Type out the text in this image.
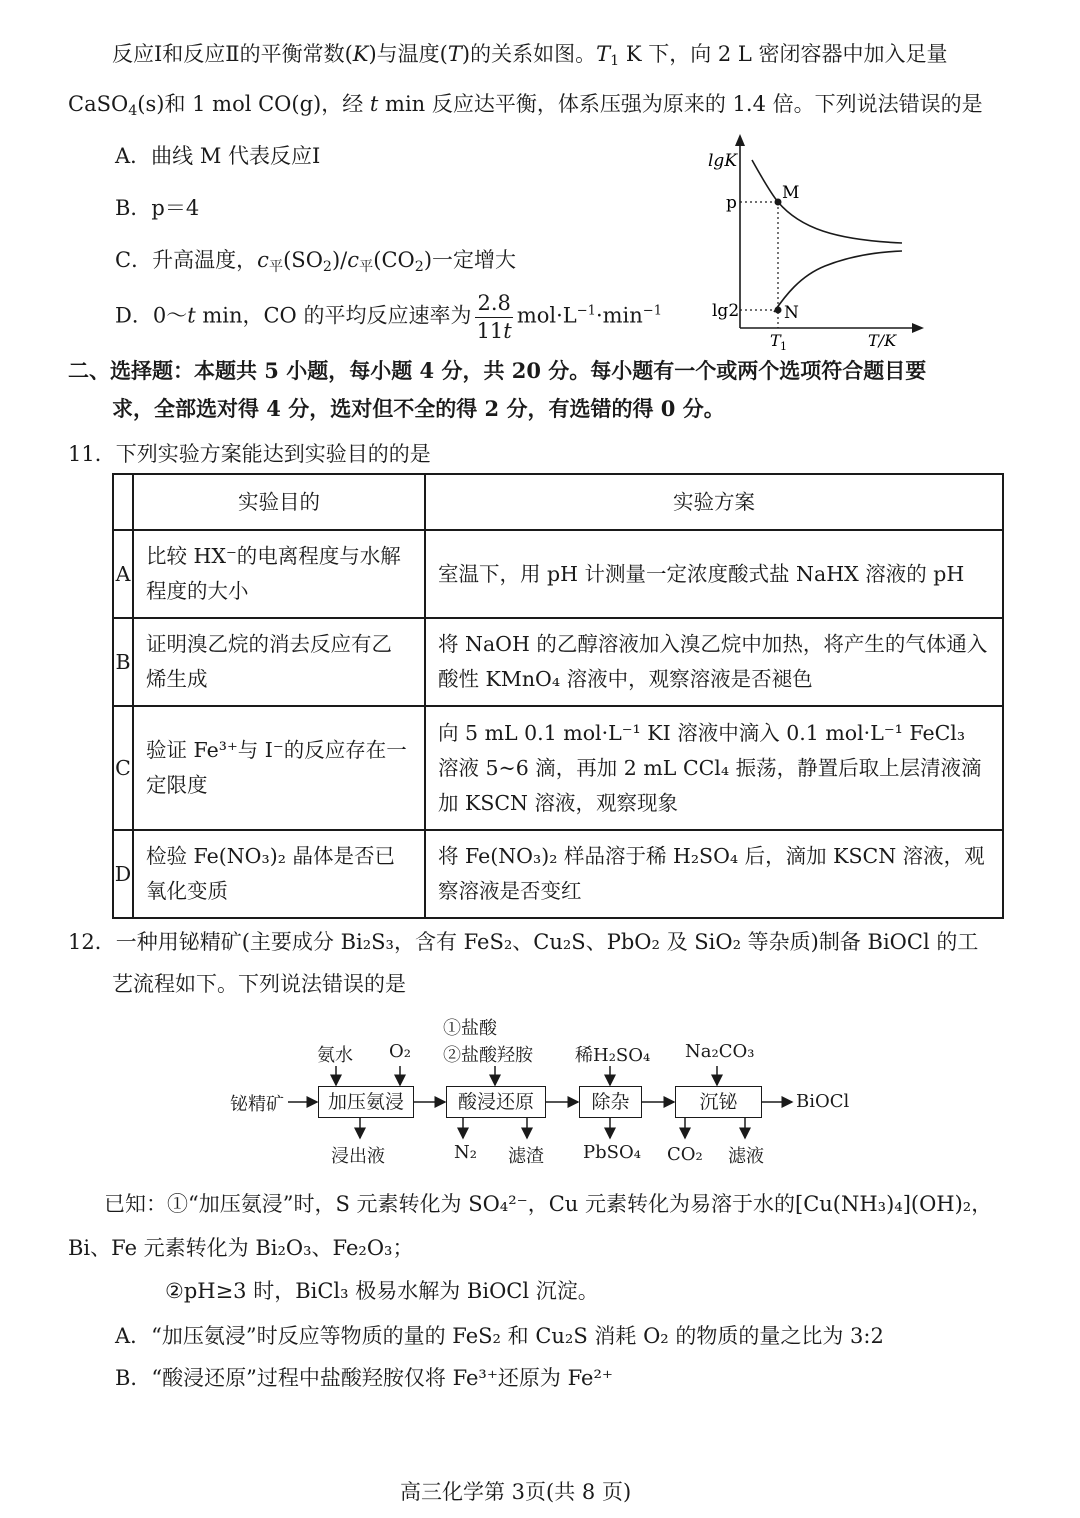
反应Ⅰ和反应Ⅱ的平衡常数(K)与温度(T)的关系如图。$T_1$ K 下，向 2 L 密闭容器中加入足量
CaSO$_4$(s)和 1 mol CO(g)，经 t min 反应达平衡，体系压强为原来的 1.4 倍。下列说法错误的是
A．曲线 M 代表反应Ⅰ
B．p＝4
C．升高温度，$c_平(SO_2)/c_平(CO_2)$一定增大
D．0～t min，CO 的平均反应速率为 $\frac{2.8}{11t} mol\cdot L^{-1}\cdot\min^{-1}$
lgK
p
lg2
M
N
T 1	T/K
二、选择题：本题共 5 小题，每小题 4 分，共 20 分。每小题有一个或两个选项符合题目要
求，全部选对得 4 分，选对但不全的得 2 分，有选错的得 0 分。
11．下列实验方案能达到实验目的的是
	实验目的	实验方案
A	比较 HX⁻的电离程度与水解程度的大小	室温下，用 pH 计测量一定浓度酸式盐 NaHX 溶液的 pH
B	证明溴乙烷的消去反应有乙烯生成	将 NaOH 的乙醇溶液加入溴乙烷中加热，将产生的气体通入酸性 KMnO₄ 溶液中，观察溶液是否褪色
C	验证 Fe³⁺与 I⁻的反应存在一定限度	向 5 mL 0.1 mol·L⁻¹ KI 溶液中滴入 0.1 mol·L⁻¹ FeCl₃ 溶液 5~6 滴，再加 2 mL CCl₄ 振荡，静置后取上层清液滴加 KSCN 溶液，观察现象
D	检验 Fe(NO₃)₂ 晶体是否已氧化变质	将 Fe(NO₃)₂ 样品溶于稀 H₂SO₄ 后，滴加 KSCN 溶液，观察溶液是否变红
12．一种用铋精矿(主要成分 Bi₂S₃，含有 FeS₂、Cu₂S、PbO₂ 及 SiO₂ 等杂质)制备 BiOCl 的工
艺流程如下。下列说法错误的是
铋精矿	加压氨浸	酸浸还原	除杂	沉铋	BiOCl
氨水 O₂
①盐酸
②盐酸羟胺 稀H₂SO₄ Na₂CO₃
浸出液	N₂ 滤渣 PbSO₄ CO₂ 滤液
已知：①“加压氨浸”时，S 元素转化为 SO₄²⁻，Cu 元素转化为易溶于水的[Cu(NH₃)₄](OH)₂，
Bi、Fe 元素转化为 Bi₂O₃、Fe₂O₃；
②pH≥3 时，BiCl₃ 极易水解为 BiOCl 沉淀。
A．“加压氨浸”时反应等物质的量的 FeS₂ 和 Cu₂S 消耗 O₂ 的物质的量之比为 3:2
B．“酸浸还原”过程中盐酸羟胺仅将 Fe³⁺还原为 Fe²⁺
高三化学第 3页(共 8 页)
